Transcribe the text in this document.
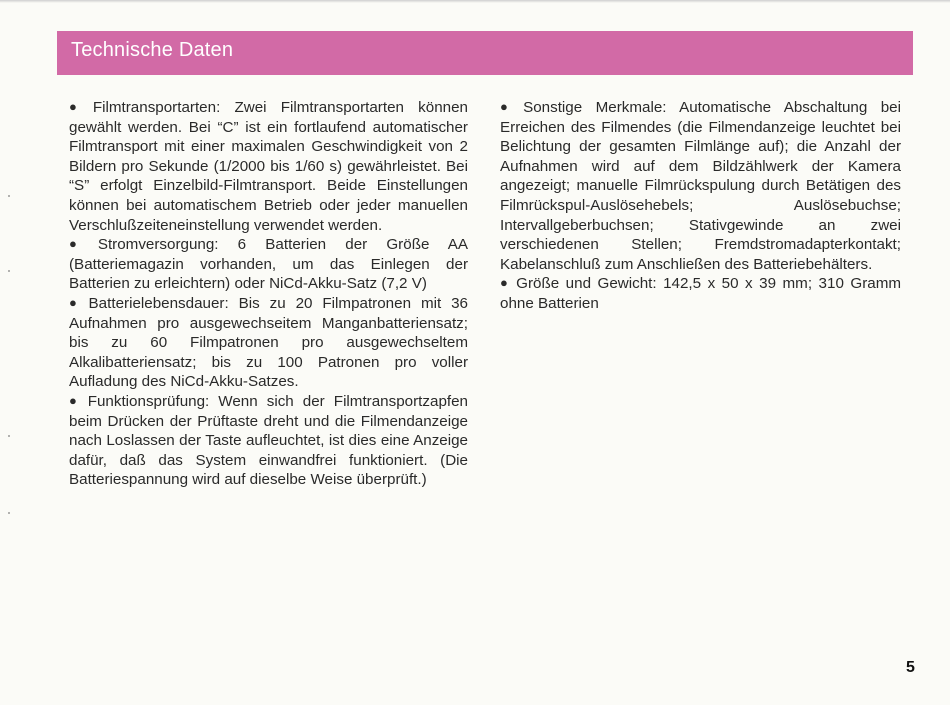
Technische Daten

● Filmtransportarten: Zwei Filmtransportarten können gewählt werden. Bei “C” ist ein fortlaufend automatischer Filmtransport mit einer maximalen Geschwindigkeit von 2 Bildern pro Sekunde (1/2000 bis 1/60 s) gewährleistet. Bei “S” erfolgt Einzelbild-Filmtransport. Beide Einstellungen können bei automatischem Betrieb oder jeder manuellen Verschlußzeiteneinstellung verwendet werden.

● Stromversorgung: 6 Batterien der Größe AA (Batteriemagazin vorhanden, um das Einlegen der Batterien zu erleichtern) oder NiCd-Akku-Satz (7,2 V)

● Batterielebensdauer: Bis zu 20 Filmpatronen mit 36 Aufnahmen pro ausgewechseitem Manganbatteriensatz; bis zu 60 Filmpatronen pro ausgewechseltem Alkalibatteriensatz; bis zu 100 Patronen pro voller Aufladung des NiCd-Akku-Satzes.

● Funktionsprüfung: Wenn sich der Filmtransportzapfen beim Drücken der Prüftaste dreht und die Filmendanzeige nach Loslassen der Taste aufleuchtet, ist dies eine Anzeige dafür, daß das System einwandfrei funktioniert. (Die Batteriespannung wird auf dieselbe Weise überprüft.)

● Sonstige Merkmale: Automatische Abschaltung bei Erreichen des Filmendes (die Filmendanzeige leuchtet bei Belichtung der gesamten Filmlänge auf); die Anzahl der Aufnahmen wird auf dem Bildzählwerk der Kamera angezeigt; manuelle Filmrückspulung durch Betätigen des Filmrückspul-Auslösehebels; Auslösebuchse; Intervallgeberbuchsen; Stativgewinde an zwei verschiedenen Stellen; Fremdstromadapterkontakt; Kabelanschluß zum Anschließen des Batteriebehälters.

● Größe und Gewicht: 142,5 x 50 x 39 mm; 310 Gramm ohne Batterien

5
